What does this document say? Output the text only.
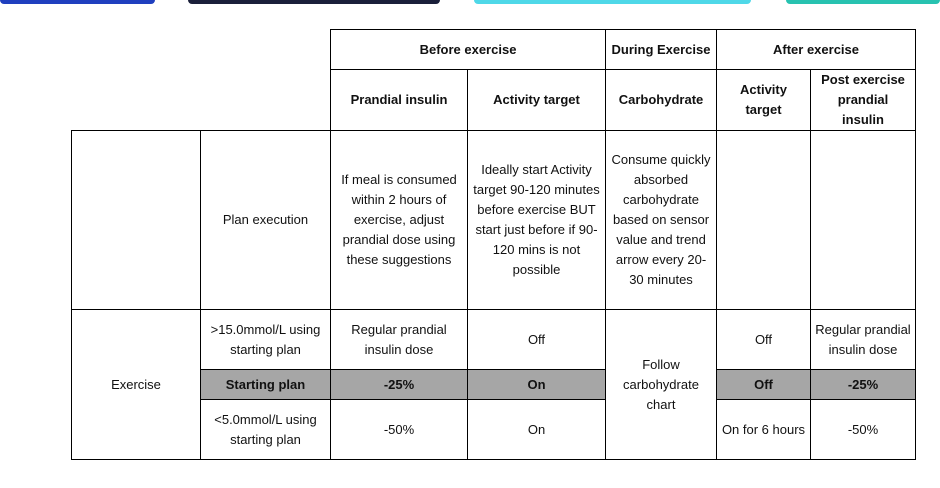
		Before exercise		During Exercise	After exercise	
		Prandial insulin	Activity target	Carbohydrate	Activity target	Post exercise prandial insulin
	Plan execution	If meal is consumed within 2 hours of exercise, adjust prandial dose using these suggestions	Ideally start Activity target 90-120 minutes before exercise BUT start just before if 90-120 mins is not possible	Consume quickly absorbed carbohydrate based on sensor value and trend arrow every 20-30 minutes		
Exercise	>15.0mmol/L using starting plan	Regular prandial insulin dose	Off	Follow carbohydrate chart	Off	Regular prandial insulin dose
	Starting plan	-25%	On		Off	-25%
	<5.0mmol/L using starting plan	-50%	On		On for 6 hours	-50%
